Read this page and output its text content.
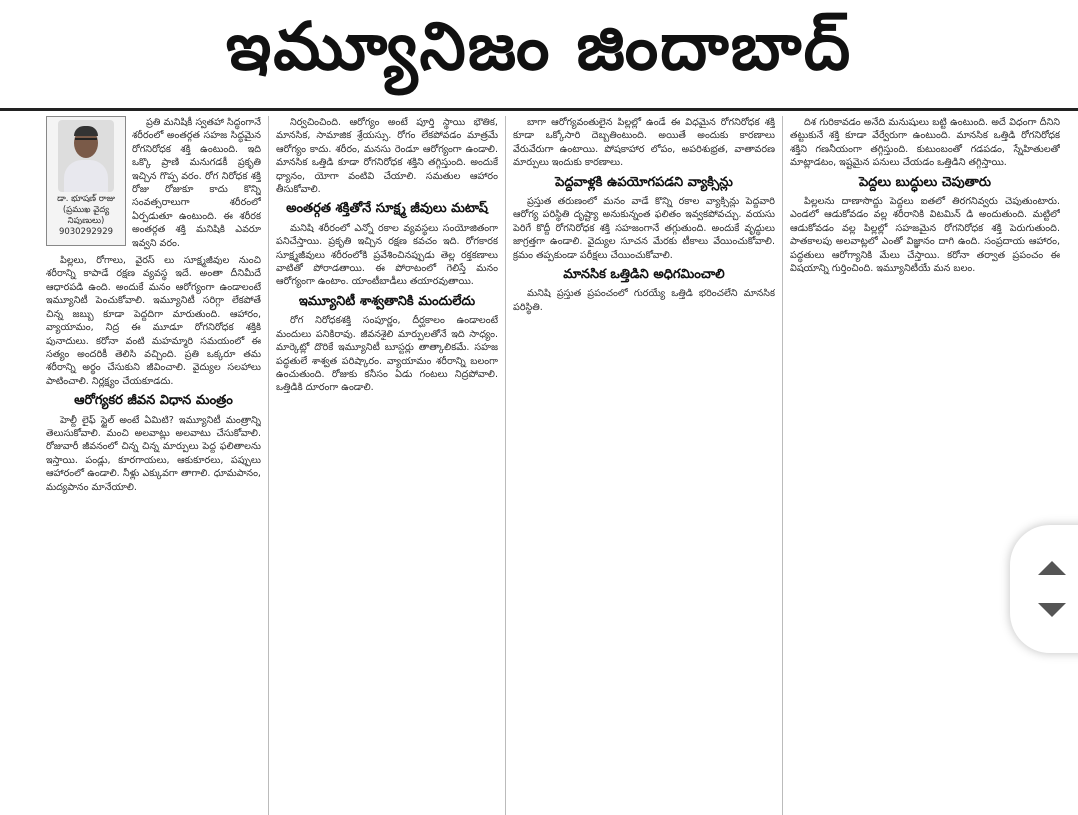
ఇమ్యూనిజం జిందాబాద్
డా. భూషణ్ రాజు
(ప్రముఖ వైద్య నిపుణులు)
9030292929

ప్రతి మనిషికీ స్వతహా సిద్ధంగానే శరీరంలో అంతర్గత సహజ సిద్ధమైన రోగనిరోధక శక్తి ఉంటుంది. ఇది ఒక్కొ ప్రాణి మనుగడకీ ప్రకృతి ఇచ్చిన గొప్ప వరం. రోగ నిరోధక శక్తి రోజు రోజుకూ కాదు కొన్ని సంవత్సరాలుగా శరీరంలో ఏర్పడుతూ ఉంటుంది. ఈ శరీరక అంతర్గత శక్తి మనిషికి ఎవరూ ఇవ్వని వరం.

పిల్లలు, రోగాలు, వైరస్ లు సూక్ష్మజీవుల నుంచి శరీరాన్ని కాపాడే రక్షణ వ్యవస్థ ఇదే. అంతా దీనిమీదే ఆధారపడి ఉంది. అందుకే మనం ఆరోగ్యంగా ఉండాలంటే ఇమ్యూనిటీ పెంచుకోవాలి. ఇమ్యూనిటీ సరిగ్గా లేకపోతే చిన్న జబ్బు కూడా పెద్దదిగా మారుతుంది. ఆహారం, వ్యాయామం, నిద్ర ఈ మూడూ రోగనిరోధక శక్తికి పునాదులు. కరోనా వంటి మహమ్మారి సమయంలో ఈ సత్యం అందరికీ తెలిసి వచ్చింది. ప్రతి ఒక్కరూ తమ శరీరాన్ని అర్థం చేసుకుని జీవించాలి. వైద్యుల సలహాలు పాటించాలి. నిర్లక్ష్యం చేయకూడదు.

ఆరోగ్యకర జీవన విధాన మంత్రం

హెల్దీ లైఫ్ స్టైల్ అంటే ఏమిటి? ఇమ్యూనిటీ మంత్రాన్ని తెలుసుకోవాలి. మంచి అలవాట్లు అలవాటు చేసుకోవాలి. రోజువారీ జీవనంలో చిన్న చిన్న మార్పులు పెద్ద ఫలితాలను ఇస్తాయి. పండ్లు, కూరగాయలు, ఆకుకూరలు, పప్పులు ఆహారంలో ఉండాలి. నీళ్లు ఎక్కువగా తాగాలి. ధూమపానం, మద్యపానం మానేయాలి.

నిర్వచించింది. ఆరోగ్యం అంటే పూర్తి స్థాయి భౌతిక, మానసిక, సామాజిక శ్రేయస్సు. రోగం లేకపోవడం మాత్రమే ఆరోగ్యం కాదు. శరీరం, మనసు రెండూ ఆరోగ్యంగా ఉండాలి. మానసిక ఒత్తిడి కూడా రోగనిరోధక శక్తిని తగ్గిస్తుంది. అందుకే ధ్యానం, యోగా వంటివి చేయాలి. సమతుల ఆహారం తీసుకోవాలి.

అంతర్గత శక్తితోనే సూక్ష్మ జీవులు మటాష్

మనిషి శరీరంలో ఎన్నో రకాల వ్యవస్థలు సంయోజితంగా పనిచేస్తాయి. ప్రకృతి ఇచ్చిన రక్షణ కవచం ఇది. రోగకారక సూక్ష్మజీవులు శరీరంలోకి ప్రవేశించినప్పుడు తెల్ల రక్తకణాలు వాటితో పోరాడతాయి. ఈ పోరాటంలో గెలిస్తే మనం ఆరోగ్యంగా ఉంటాం. యాంటీబాడీలు తయారవుతాయి.

ఇమ్యూనిటీ శాశ్వతానికి మందులేదు

రోగ నిరోధకశక్తి సంపూర్ణం, దీర్ఘకాలం ఉండాలంటే మందులు పనికిరావు. జీవనశైలి మార్పులతోనే ఇది సాధ్యం. మార్కెట్లో దొరికే ఇమ్యూనిటీ బూస్టర్లు తాత్కాలికమే. సహజ పద్ధతులే శాశ్వత పరిష్కారం. వ్యాయామం శరీరాన్ని బలంగా ఉంచుతుంది. రోజుకు కనీసం ఏడు గంటలు నిద్రపోవాలి. ఒత్తిడికి దూరంగా ఉండాలి.

బాగా ఆరోగ్యవంతులైన పిల్లల్లో ఉండే ఈ విధమైన రోగనిరోధక శక్తి కూడా ఒక్కోసారి దెబ్బతింటుంది. అయితే అందుకు కారణాలు వేరువేరుగా ఉంటాయి. పోషకాహార లోపం, అపరిశుభ్రత, వాతావరణ మార్పులు ఇందుకు కారణాలు.

పెద్దవాళ్లకి ఉపయోగపడని వ్యాక్సిన్లు

ప్రస్తుత తరుణంలో మనం వాడే కొన్ని రకాల వ్యాక్సిన్లు పెద్దవారి ఆరోగ్య పరిస్థితి దృష్ట్యా అనుకున్నంత ఫలితం ఇవ్వకపోవచ్చు. వయసు పెరిగే కొద్దీ రోగనిరోధక శక్తి సహజంగానే తగ్గుతుంది. అందుకే వృద్ధులు జాగ్రత్తగా ఉండాలి. వైద్యుల సూచన మేరకు టీకాలు వేయించుకోవాలి. క్రమం తప్పకుండా పరీక్షలు చేయించుకోవాలి.

మానసిక ఒత్తిడిని అధిగమించాలి

మనిషి ప్రస్తుత ప్రపంచంలో గురయ్యే ఒత్తిడి భరించలేని మానసిక పరిస్థితి.

దిశ గురికావడం అనేది మనుషులు బట్టి ఉంటుంది. అదే విధంగా దీనిని తట్టుకునే శక్తి కూడా వేర్వేరుగా ఉంటుంది. మానసిక ఒత్తిడి రోగనిరోధక శక్తిని గణనీయంగా తగ్గిస్తుంది. కుటుంబంతో గడపడం, స్నేహితులతో మాట్లాడటం, ఇష్టమైన పనులు చేయడం ఒత్తిడిని తగ్గిస్తాయి.

పెద్దలు బుద్ధులు చెపుతారు

పిల్లలను దాణాసొద్దు పెద్దలు ఐతలో తిరగనివ్వరు చెపుతుంటారు. ఎండలో ఆడుకోవడం వల్ల శరీరానికి విటమిన్ డి అందుతుంది. మట్టిలో ఆడుకోవడం వల్ల పిల్లల్లో సహజమైన రోగనిరోధక శక్తి పెరుగుతుంది. పాతకాలపు అలవాట్లలో ఎంతో విజ్ఞానం దాగి ఉంది. సంప్రదాయ ఆహారం, పద్ధతులు ఆరోగ్యానికి మేలు చేస్తాయి. కరోనా తర్వాత ప్రపంచం ఈ విషయాన్ని గుర్తించింది. ఇమ్యూనిటీయే మన బలం.
